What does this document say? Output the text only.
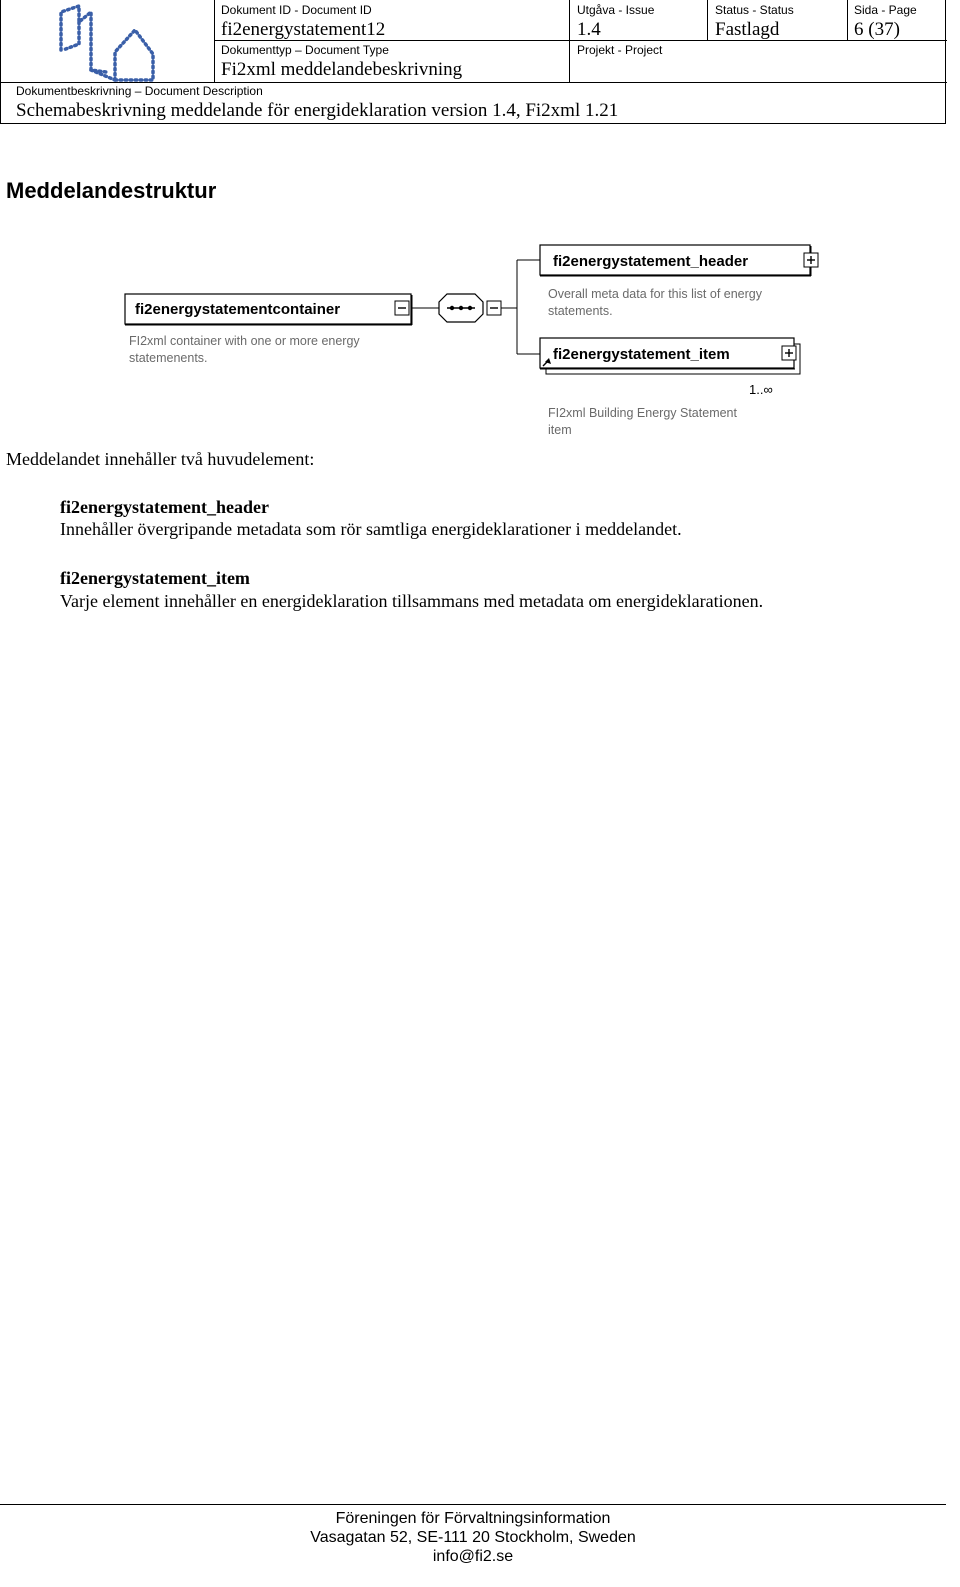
Dokument ID - Document ID
fi2energystatement12
Utgåva - Issue
1.4
Status - Status
Fastlagd
Sida - Page
6 (37)
Dokumenttyp – Document Type
Fi2xml meddelandebeskrivning
Projekt - Project
Dokumentbeskrivning – Document Description
Schemabeskrivning meddelande för energideklaration version 1.4, Fi2xml 1.21
Meddelandestruktur
fi2energystatementcontainer
FI2xml container with one or more energy
statemenents.
fi2energystatement_header
Overall meta data for this list of energy
statements.
fi2energystatement_item
1..∞
FI2xml Building Energy Statement
item
Meddelandet innehåller två huvudelement:
fi2energystatement_header
Innehåller övergripande metadata som rör samtliga energideklarationer i meddelandet.
fi2energystatement_item
Varje element innehåller en energideklaration tillsammans med metadata om energideklarationen.
Föreningen för Förvaltningsinformation
Vasagatan 52, SE-111 20 Stockholm, Sweden
info@fi2.se
